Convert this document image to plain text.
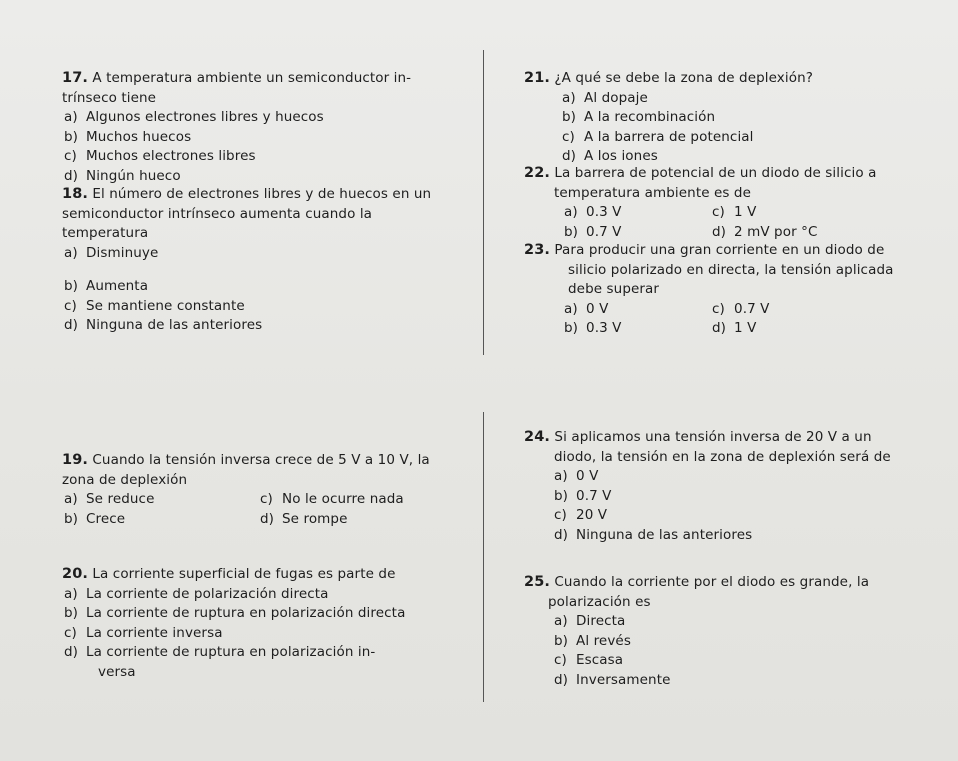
17. A temperatura ambiente un semiconductor in-

trínseco tiene

a) Algunos electrones libres y huecos

b) Muchos huecos

c) Muchos electrones libres

d) Ningún hueco

18. El número de electrones libres y de huecos en un

semiconductor intrínseco aumenta cuando la

temperatura

a) Disminuye

b) Aumenta

c) Se mantiene constante

d) Ninguna de las anteriores

19. Cuando la tensión inversa crece de 5 V a 10 V, la

zona de deplexión

a) Se reduce	c) No le ocurre nada

b) Crece	d) Se rompe

20. La corriente superficial de fugas es parte de

a) La corriente de polarización directa

b) La corriente de ruptura en polarización directa

c) La corriente inversa

d) La corriente de ruptura en polarización in-

versa

21. ¿A qué se debe la zona de deplexión?

a) Al dopaje

b) A la recombinación

c) A la barrera de potencial

d) A los iones

22. La barrera de potencial de un diodo de silicio a

temperatura ambiente es de

a) 0.3 V	c) 1 V

b) 0.7 V	d) 2 mV por °C

23. Para producir una gran corriente en un diodo de

silicio polarizado en directa, la tensión aplicada

debe superar

a) 0 V	c) 0.7 V

b) 0.3 V	d) 1 V

24. Si aplicamos una tensión inversa de 20 V a un

diodo, la tensión en la zona de deplexión será de

a) 0 V

b) 0.7 V

c) 20 V

d) Ninguna de las anteriores

25. Cuando la corriente por el diodo es grande, la

polarización es

a) Directa

b) Al revés

c) Escasa

d) Inversamente
